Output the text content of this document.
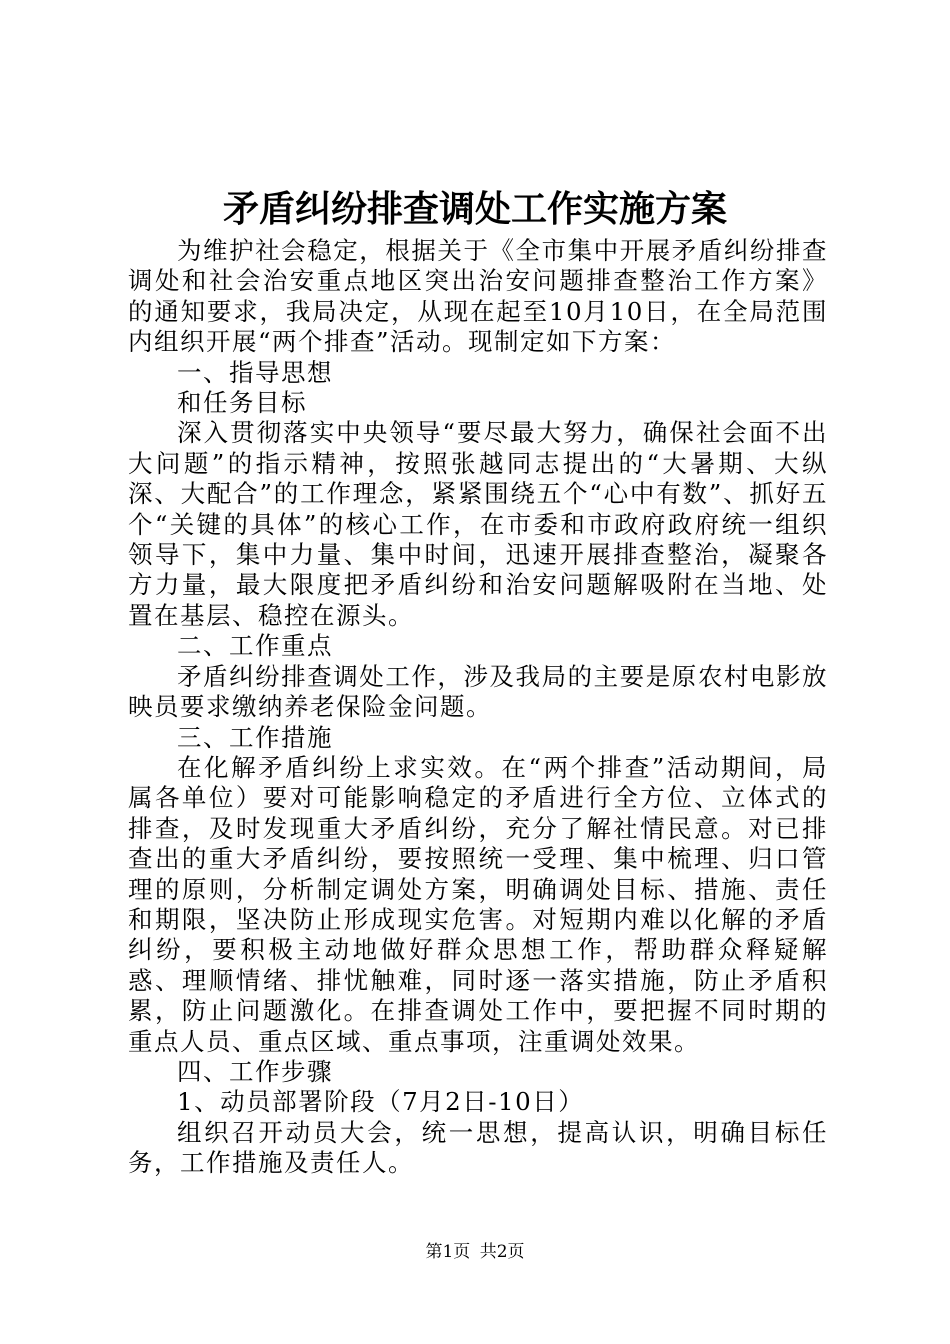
矛盾纠纷排查调处工作实施方案

为维护社会稳定，根据关于《全市集中开展矛盾纠纷排查调处和社会治安重点地区突出治安问题排查整治工作方案》的通知要求，我局决定，从现在起至10月10日，在全局范围内组织开展“两个排查”活动。现制定如下方案：

一、指导思想

和任务目标

深入贯彻落实中央领导“要尽最大努力，确保社会面不出大问题”的指示精神，按照张越同志提出的“大暑期、大纵深、大配合”的工作理念，紧紧围绕五个“心中有数”、抓好五个“关键的具体”的核心工作，在市委和市政府政府统一组织领导下，集中力量、集中时间，迅速开展排查整治，凝聚各方力量，最大限度把矛盾纠纷和治安问题解吸附在当地、处置在基层、稳控在源头。

二、工作重点

矛盾纠纷排查调处工作，涉及我局的主要是原农村电影放映员要求缴纳养老保险金问题。

三、工作措施

在化解矛盾纠纷上求实效。在“两个排查”活动期间，局属各单位）要对可能影响稳定的矛盾进行全方位、立体式的排查，及时发现重大矛盾纠纷，充分了解社情民意。对已排查出的重大矛盾纠纷，要按照统一受理、集中梳理、归口管理的原则，分析制定调处方案，明确调处目标、措施、责任和期限，坚决防止形成现实危害。对短期内难以化解的矛盾纠纷，要积极主动地做好群众思想工作，帮助群众释疑解惑、理顺情绪、排忧触难，同时逐一落实措施，防止矛盾积累，防止问题激化。在排查调处工作中，要把握不同时期的重点人员、重点区域、重点事项，注重调处效果。

四、工作步骤

1、动员部署阶段（7月2日-10日）

组织召开动员大会，统一思想，提高认识，明确目标任务，工作措施及责任人。

第1页 共2页
